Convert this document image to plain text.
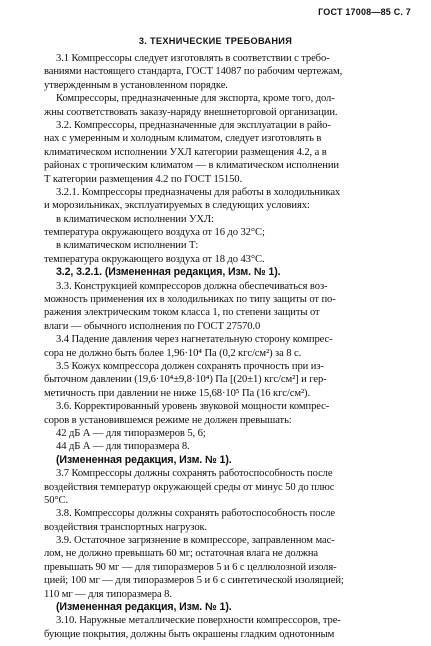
ГОСТ 17008—85 С. 7
3. ТЕХНИЧЕСКИЕ ТРЕБОВАНИЯ
3.1 Компрессоры следует изготовлять в соответствии с требо-
ваниями настоящего стандарта, ГОСТ 14087 по рабочим чертежам,
утвержденным в установленном порядке.
Компрессоры, предназначенные для экспорта, кроме того, дол-
жны соответствовать заказу-наряду внешнеторговой организации.
3.2. Компрессоры, предназначенные для эксплуатации в райо-
нах с умеренным и холодным климатом, следует изготовлять в
климатическом исполнении УХЛ категории размещения 4.2, а в
районах с тропическим климатом — в климатическом исполнении
Т категории размещения 4.2 по ГОСТ 15150.
3.2.1. Компрессоры предназначены для работы в холодильниках
и морозильниках, эксплуатируемых в следующих условиях:
в климатическом исполнении УХЛ:
температура окружающего воздуха от 16 до 32°С;
в климатическом исполнении Т:
температура окружающего воздуха от 18 до 43°С.
3.2, 3.2.1. (Измененная редакция, Изм. № 1).
3.3. Конструкцией компрессоров должна обеспечиваться воз-
можность применения их в холодильниках по типу защиты от по-
ражения электрическим током класса 1, по степени защиты от
влаги — обычного исполнения по ГОСТ 27570.0
3.4 Падение давления через нагнетательную сторону компрес-
сора не должно быть более 1,96·10⁴ Па (0,2 кгс/см²) за 8 с.
3.5 Кожух компрессора должен сохранять прочность при из-
быточном давлении (19,6·10⁴±9,8·10⁴) Па [(20±1) кгс/см²] и гер-
метичность при давлении не ниже 15,68·10⁵ Па (16 кгс/см²).
3.6. Корректированный уровень звуковой мощности компрес-
соров в установившемся режиме не должен превышать:
42 дБ А — для типоразмеров 5, 6;
44 дБ А — для типоразмера 8.
(Измененная редакция, Изм. № 1).
3.7 Компрессоры должны сохранять работоспособность после
воздействия температур окружающей среды от минус 50 до плюс
50°С.
3.8. Компрессоры должны сохранять работоспособность после
воздействия транспортных нагрузок.
3.9. Остаточное загрязнение в компрессоре, заправленном мас-
лом, не должно превышать 60 мг; остаточная влага не должна
превышать 90 мг — для типоразмеров 5 и 6 с целлюлозной изоля-
цией; 100 мг — для типоразмеров 5 и 6 с синтетической изоляцией;
110 мг — для типоразмера 8.
(Измененная редакция, Изм. № 1).
3.10. Наружные металлические поверхности компрессоров, тре-
бующие покрытия, должны быть окрашены гладким однотонным
